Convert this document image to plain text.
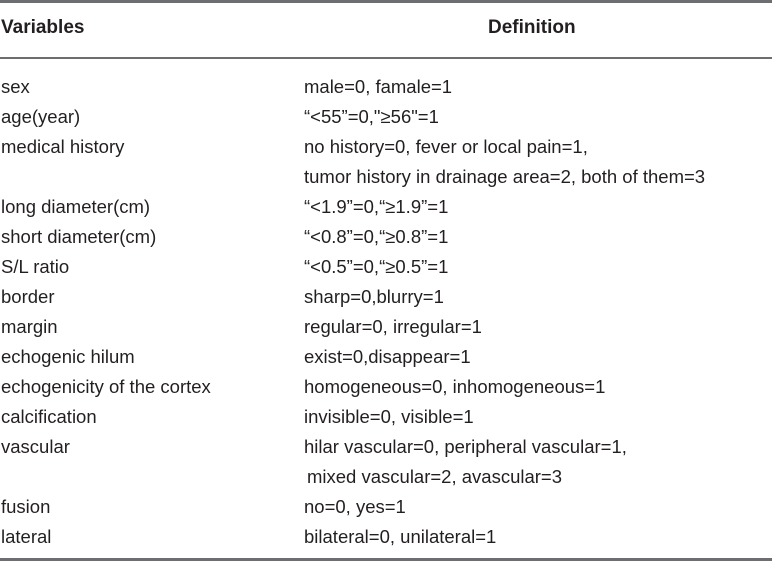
Variables	Definition
sex	male=0, famale=1
age(year)	“<55”=0,"≥56"=1
medical history	no history=0, fever or local pain=1,
tumor history in drainage area=2, both of them=3
long diameter(cm)	“<1.9”=0,“≥1.9”=1
short diameter(cm)	“<0.8”=0,“≥0.8”=1
S/L ratio	“<0.5”=0,“≥0.5”=1
border	sharp=0,blurry=1
margin	regular=0, irregular=1
echogenic hilum	exist=0,disappear=1
echogenicity of the cortex	homogeneous=0, inhomogeneous=1
calcification	invisible=0, visible=1
vascular	hilar vascular=0, peripheral vascular=1,
mixed vascular=2, avascular=3
fusion	no=0, yes=1
lateral	bilateral=0, unilateral=1
